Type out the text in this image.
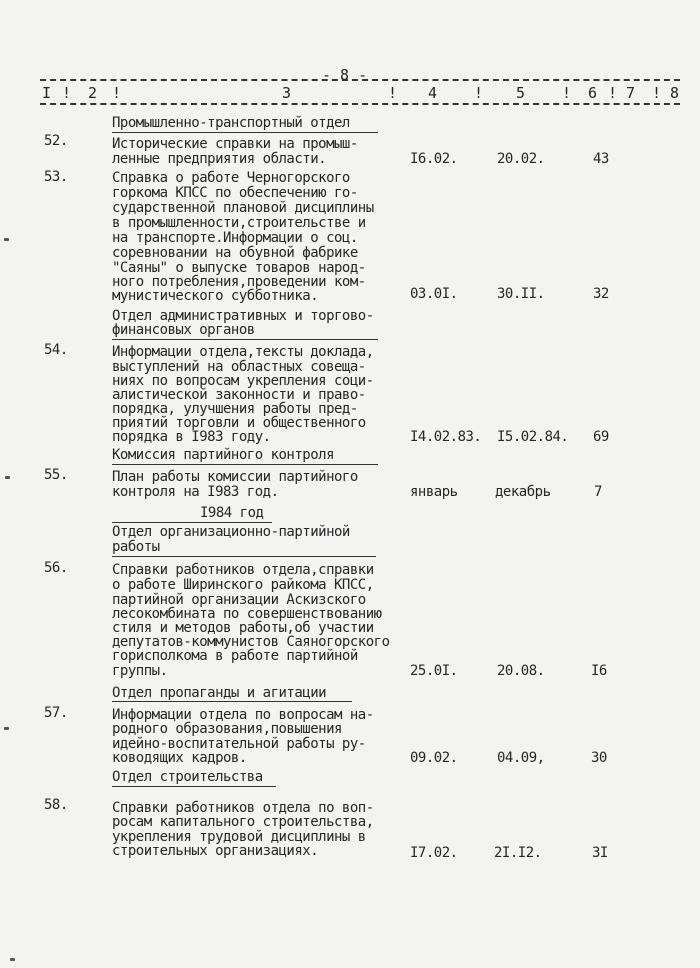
- 8 -
I ! 2 !	3	! 4 ! 5 ! 6 ! 7 ! 8
Промышленно-транспортный отдел
52.	Исторические справки на промыш-
ленные предприятия области.	I6.02.	20.02.	43
53.	Справка о работе Черногорского
горкома КПСС по обеспечению го-
сударственной плановой дисциплины
в промышленности,строительстве и
на транспорте.Информации о соц.
соревновании на обувной фабрике
"Саяны" о выпуске товаров народ-
ного потребления,проведении ком-
мунистического субботника.	03.0I.	30.II.	32
Отдел административных и торгово-
финансовых органов
54.	Информации отдела,тексты доклада,
выступлений на областных совеща-
ниях по вопросам укрепления соци-
алистической законности и право-
порядка, улучшения работы пред-
приятий торговли и общественного
порядка в I983 году.	I4.02.83. I5.02.84. 69
Комиссия партийного контроля
55.	План работы комиссии партийного
контроля на I983 год.	январь	декабрь	7
I984 год
Отдел организационно-партийной
работы
56.	Справки работников отдела,справки
о работе Ширинского райкома КПСС,
партийной организации Аскизского
лесокомбината по совершенствованию
стиля и методов работы,об участии
депутатов-коммунистов Саяногорского
горисполкома в работе партийной
группы.	25.0I.	20.08.	I6
Отдел пропаганды и агитации
57.	Информации отдела по вопросам на-
родного образования,повышения
идейно-воспитательной работы ру-
ководящих кадров.	09.02.	04.09,	30
Отдел строительства
58.	Справки работников отдела по воп-
росам капитального строительства,
укрепления трудовой дисциплины в
строительных организациях.	I7.02.	2I.I2.	3I
